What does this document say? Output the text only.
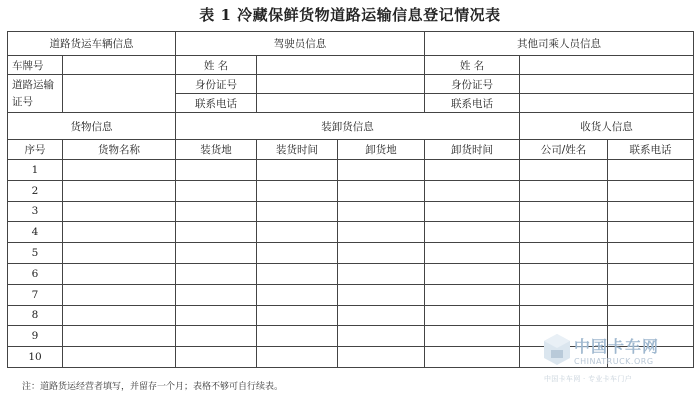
表 1 冷藏保鲜货物道路运输信息登记情况表
道路货运车辆信息		驾驶员信息			其他司乘人员信息		
车牌号		姓 名			姓 名		
道路运输证号		身份证号			身份证号		
		联系电话			联系电话		
货物信息		装卸货信息				收货人信息	
序号	货物名称	装货地	装货时间	卸货地	卸货时间	公司/姓名	联系电话
1							
2							
3							
4							
5							
6							
7							
8							
9							
10							
注：道路货运经营者填写，并留存一个月；表格不够可自行续表。
中国卡车网
CHINATRUCK.ORG
中国卡车网 · 专业卡车门户
